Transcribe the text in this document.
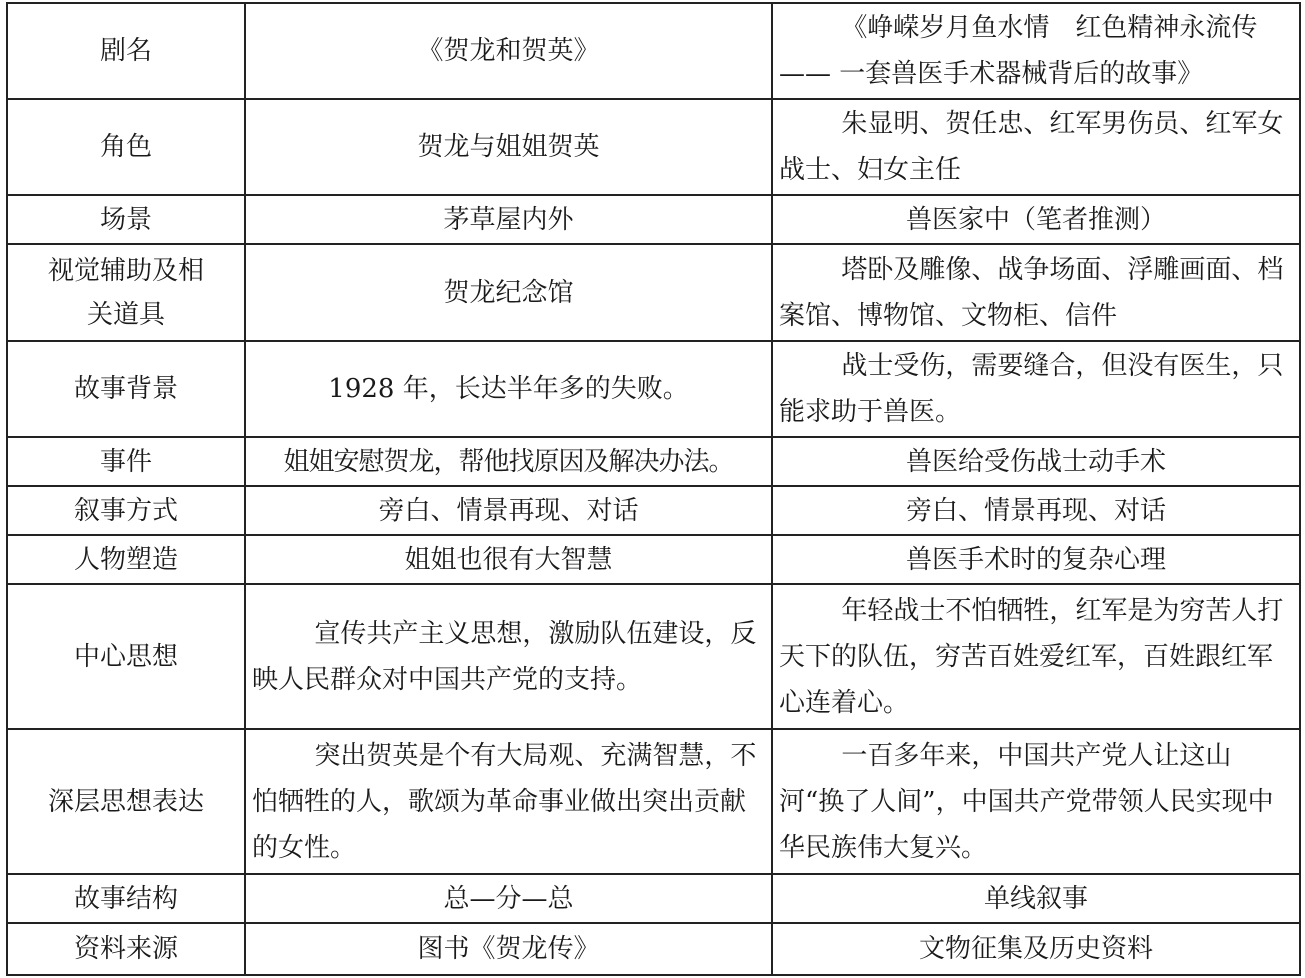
剧名	《贺龙和贺英》	《峥嵘岁月鱼水情　红色精神永流传—— 一套兽医手术器械背后的故事》
角色	贺龙与姐姐贺英	朱显明、贺任忠、红军男伤员、红军女战士、妇女主任
场景	茅草屋内外	兽医家中（笔者推测）
视觉辅助及相关道具	贺龙纪念馆	塔卧及雕像、战争场面、浮雕画面、档案馆、博物馆、文物柜、信件
故事背景	1928 年，长达半年多的失败。	战士受伤，需要缝合，但没有医生，只能求助于兽医。
事件	姐姐安慰贺龙，帮他找原因及解决办法。	兽医给受伤战士动手术
叙事方式	旁白、情景再现、对话	旁白、情景再现、对话
人物塑造	姐姐也很有大智慧	兽医手术时的复杂心理
中心思想	宣传共产主义思想，激励队伍建设，反映人民群众对中国共产党的支持。	年轻战士不怕牺牲，红军是为穷苦人打天下的队伍，穷苦百姓爱红军，百姓跟红军心连着心。
深层思想表达	突出贺英是个有大局观、充满智慧，不怕牺牲的人，歌颂为革命事业做出突出贡献的女性。	一百多年来，中国共产党人让这山河“换了人间”，中国共产党带领人民实现中华民族伟大复兴。
故事结构	总—分—总	单线叙事
资料来源	图书《贺龙传》	文物征集及历史资料
